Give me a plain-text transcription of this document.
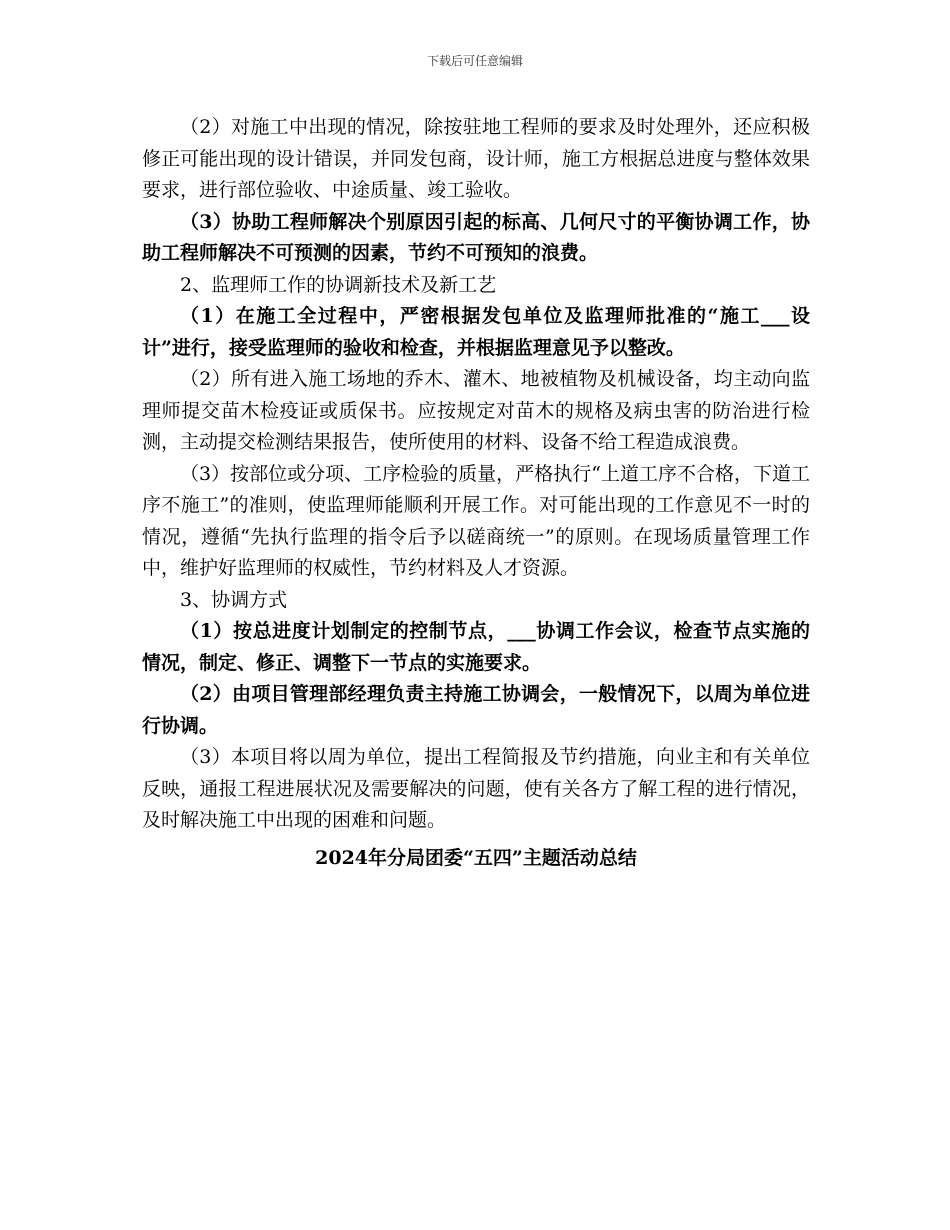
下载后可任意编辑

（2）对施工中出现的情况，除按驻地工程师的要求及时处理外，还应积极修正可能出现的设计错误，并同发包商，设计师，施工方根据总进度与整体效果要求，进行部位验收、中途质量、竣工验收。

（3）协助工程师解决个别原因引起的标高、几何尺寸的平衡协调工作，协助工程师解决不可预测的因素，节约不可预知的浪费。

2、监理师工作的协调新技术及新工艺

（1）在施工全过程中，严密根据发包单位及监理师批准的“施工___设计”进行，接受监理师的验收和检查，并根据监理意见予以整改。

（2）所有进入施工场地的乔木、灌木、地被植物及机械设备，均主动向监理师提交苗木检疫证或质保书。应按规定对苗木的规格及病虫害的防治进行检测，主动提交检测结果报告，使所使用的材料、设备不给工程造成浪费。

（3）按部位或分项、工序检验的质量，严格执行“上道工序不合格，下道工序不施工”的准则，使监理师能顺利开展工作。对可能出现的工作意见不一时的情况，遵循“先执行监理的指令后予以磋商统一”的原则。在现场质量管理工作中，维护好监理师的权威性，节约材料及人才资源。

3、协调方式

（1）按总进度计划制定的控制节点，___协调工作会议，检查节点实施的情况，制定、修正、调整下一节点的实施要求。

（2）由项目管理部经理负责主持施工协调会，一般情况下，以周为单位进行协调。

（3）本项目将以周为单位，提出工程简报及节约措施，向业主和有关单位反映，通报工程进展状况及需要解决的问题，使有关各方了解工程的进行情况，及时解决施工中出现的困难和问题。

2024年分局团委“五四”主题活动总结
